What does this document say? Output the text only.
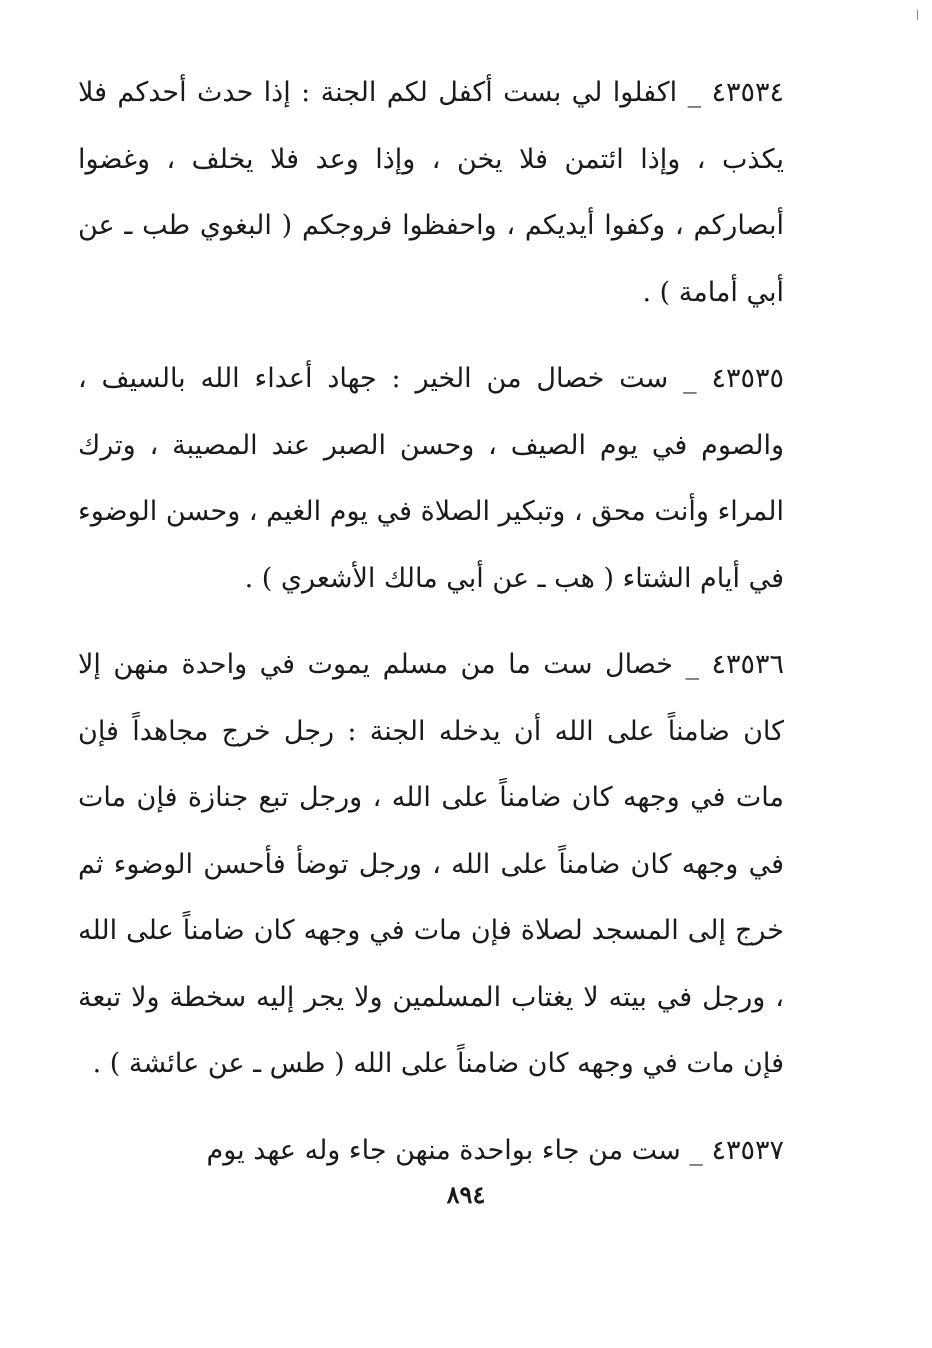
٤٣٥٣٤ _ اكفلوا لي بست أكفل لكم الجنة : إذا حدث أحدكم فلا يكذب ، وإذا ائتمن فلا يخن ، وإذا وعد فلا يخلف ، وغضوا أبصاركم ، وكفوا أيديكم ، واحفظوا فروجكم ( البغوي طب ـ عن أبي أمامة ) .

٤٣٥٣٥ _ ست خصال من الخير : جهاد أعداء الله بالسيف ، والصوم في يوم الصيف ، وحسن الصبر عند المصيبة ، وترك المراء وأنت محق ، وتبكير الصلاة في يوم الغيم ، وحسن الوضوء في أيام الشتاء ( هب ـ عن أبي مالك الأشعري ) .

٤٣٥٣٦ _ خصال ست ما من مسلم يموت في واحدة منهن إلا كان ضامناً على الله أن يدخله الجنة : رجل خرج مجاهداً فإن مات في وجهه كان ضامناً على الله ، ورجل تبع جنازة فإن مات في وجهه كان ضامناً على الله ، ورجل توضأ فأحسن الوضوء ثم خرج إلى المسجد لصلاة فإن مات في وجهه كان ضامناً على الله ، ورجل في بيته لا يغتاب المسلمين ولا يجر إليه سخطة ولا تبعة فإن مات في وجهه كان ضامناً على الله ( طس ـ عن عائشة ) .

٤٣٥٣٧ _ ست من جاء بواحدة منهن جاء وله عهد يوم

٨٩٤
